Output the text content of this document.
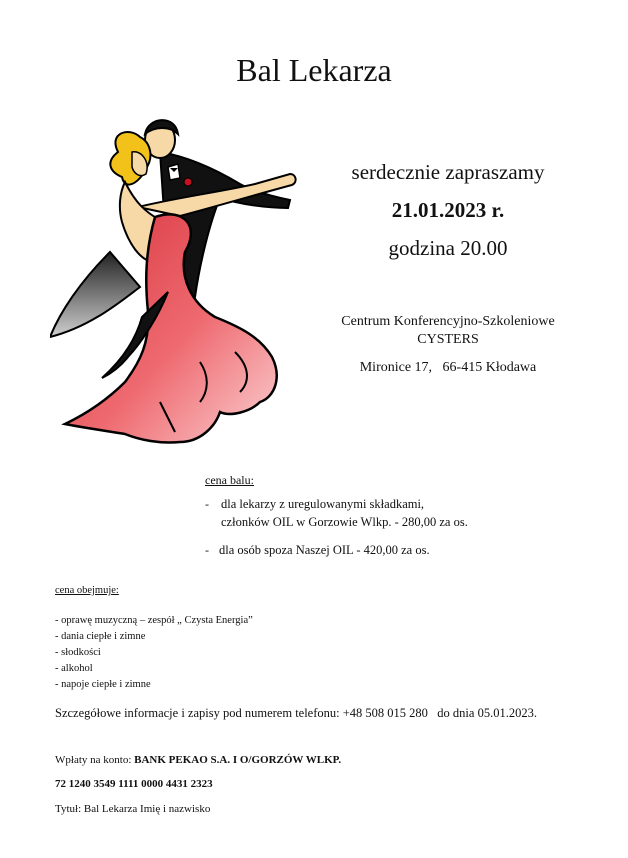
Bal Lekarza
serdecznie zapraszamy
21.01.2023 r.
godzina 20.00
Centrum Konferencyjno-Szkoleniowe
CYSTERS
Mironice 17,   66-415 Kłodawa
cena balu:
- dla lekarzy z uregulowanymi składkami,
członków OIL w Gorzowie Wlkp. - 280,00 za os.
- dla osób spoza Naszej OIL - 420,00 za os.
cena obejmuje:
- oprawę muzyczną – zespół „ Czysta Energia”
- dania ciepłe i zimne
- słodkości
- alkohol
- napoje ciepłe i zimne
Szczegółowe informacje i zapisy pod numerem telefonu: +48 508 015 280   do dnia 05.01.2023.
Wpłaty na konto: BANK PEKAO S.A. I O/GORZÓW WLKP.
72 1240 3549 1111 0000 4431 2323
Tytuł: Bal Lekarza Imię i nazwisko
